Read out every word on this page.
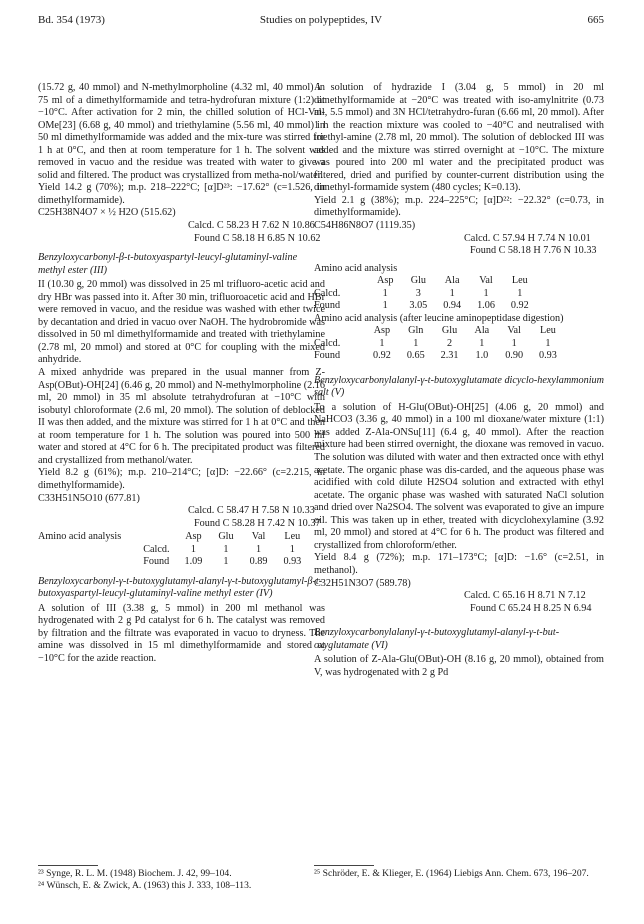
Bd. 354 (1973)	Studies on polypeptides, IV	665

(15.72 g, 40 mmol) and N-methylmorpholine (4.32 ml, 40 mmol) in 75 ml of a dimethylformamide and tetra-hydrofuran mixture (1:2) at −10°C. After activation for 2 min, the chilled solution of HCl-Val-OMe[23] (6.68 g, 40 mmol) and triethylamine (5.56 ml, 40 mmol) in 50 ml dimethylformamide was added and the mix-ture was stirred for 1 h at 0°C, and then at room temperature for 1 h. The solvent was removed in vacuo and the residue was treated with water to give a solid and filtered. The product was crystallized from metha-nol/water.

Yield 14.2 g (70%); m.p. 218–222°C; [α]D²³: −17.62° (c=1.526, in dimethylformamide).

C25H38N4O7 × ½ H2O (515.62)

Calcd. C 58.23 H 7.62 N 10.86

Found C 58.18 H 6.85 N 10.62

Benzyloxycarbonyl-β-t-butoxyaspartyl-leucyl-glutaminyl-valine methyl ester (III)

II (10.30 g, 20 mmol) was dissolved in 25 ml trifluoro-acetic acid and dry HBr was passed into it. After 30 min, trifluoroacetic acid and HBr were removed in vacuo, and the residue was washed with ether twice by decantation and dried in vacuo over NaOH. The hydrobromide was dissolved in 50 ml dimethylformamide and treated with triethylamine (2.78 ml, 20 mmol) and stored at 0°C for coupling with the mixed anhydride.

A mixed anhydride was prepared in the usual manner from Z-Asp(OBut)-OH[24] (6.46 g, 20 mmol) and N-methylmorpholine (2.16 ml, 20 mmol) in 35 ml absolute tetrahydrofuran at −10°C with isobutyl chloroformate (2.6 ml, 20 mmol). The solution of deblocked II was then added, and the mixture was stirred for 1 h at 0°C and then at room temperature for 1 h. The solution was poured into 500 ml water and stored at 4°C for 6 h. The precipitated product was filtered and crystallized from methanol/water.

Yield 8.2 g (61%); m.p. 210–214°C; [α]D: −22.66° (c=2.215, in dimethylformamide).

C33H51N5O10 (677.81)

Calcd. C 58.47 H 7.58 N 10.33

Found C 58.28 H 7.42 N 10.37

Amino acid analysis		Asp	Glu	Val	Leu
	Calcd.	1	1	1	1
	Found	1.09	1	0.89	0.93

Benzyloxycarbonyl-γ-t-butoxyglutamyl-alanyl-γ-t-butoxyglutamyl-β-t-butoxyaspartyl-leucyl-glutaminyl-valine methyl ester (IV)

A solution of III (3.38 g, 5 mmol) in 200 ml methanol was hydrogenated with 2 g Pd catalyst for 6 h. The catalyst was removed by filtration and the filtrate was evaporated in vacuo to dryness. The amine was dissolved in 15 ml dimethylformamide and stored at −10°C for the azide reaction.

²³ Synge, R. L. M. (1948) Biochem. J. 42, 99–104.
²⁴ Wünsch, E. & Zwick, A. (1963) this J. 333, 108–113.

A solution of hydrazide I (3.04 g, 5 mmol) in 20 ml dimethylformamide at −20°C was treated with iso-amylnitrite (0.73 ml, 5.5 mmol) and 3N HCl/tetrahydro-furan (6.66 ml, 20 mmol). After 1 h the reaction mixture was cooled to −40°C and neutralised with triethyl-amine (2.78 ml, 20 mmol). The solution of deblocked III was added and the mixture was stirred overnight at −10°C. The mixture was poured into 200 ml water and the precipitated product was filtered, dried and purified by counter-current distribution using the dimethyl-formamide system (480 cycles; K=0.13).

Yield 2.1 g (38%); m.p. 224–225°C; [α]D²²: −22.32° (c=0.73, in dimethylformamide).

C54H86N8O7 (1119.35)

Calcd. C 57.94 H 7.74 N 10.01

Found C 58.18 H 7.76 N 10.33

Amino acid analysis

	Asp	Glu	Ala	Val	Leu
Calcd.	1	3	1	1	1
Found	1	3.05	0.94	1.06	0.92

Amino acid analysis (after leucine aminopeptidase digestion)

	Asp	Gln	Glu	Ala	Val	Leu
Calcd.	1	1	2	1	1	1
Found	0.92	0.65	2.31	1.0	0.90	0.93

Benzyloxycarbonylalanyl-γ-t-butoxyglutamate dicyclo-hexylammonium salt (V)

To a solution of H-Glu(OBut)-OH[25] (4.06 g, 20 mmol) and NaHCO3 (3.36 g, 40 mmol) in a 100 ml dioxane/water mixture (1:1) was added Z-Ala-ONSu[11] (6.4 g, 40 mmol). After the reaction mixture had been stirred overnight, the dioxane was removed in vacuo. The solution was diluted with water and then extracted once with ethyl acetate. The organic phase was dis-carded, and the aqueous phase was acidified with cold dilute H2SO4 solution and extracted with ethyl acetate. The organic phase was washed with saturated NaCl solution and dried over Na2SO4. The solvent was evaporated to give an impure oil. This was taken up in ether, treated with dicyclohexylamine (3.92 ml, 20 mmol) and stored at 4°C for 6 h. The product was filtered and crystallized from chloroform/ether.

Yield 8.4 g (72%); m.p. 171–173°C; [α]D: −1.6° (c=2.51, in methanol).

C32H51N3O7 (589.78)

Calcd. C 65.16 H 8.71 N 7.12

Found C 65.24 H 8.25 N 6.94

Benzyloxycarbonylalanyl-γ-t-butoxyglutamyl-alanyl-γ-t-but-oxyglutamate (VI)

A solution of Z-Ala-Glu(OBut)-OH (8.16 g, 20 mmol), obtained from V, was hydrogenated with 2 g Pd

²⁵ Schröder, E. & Klieger, E. (1964) Liebigs Ann. Chem. 673, 196–207.
